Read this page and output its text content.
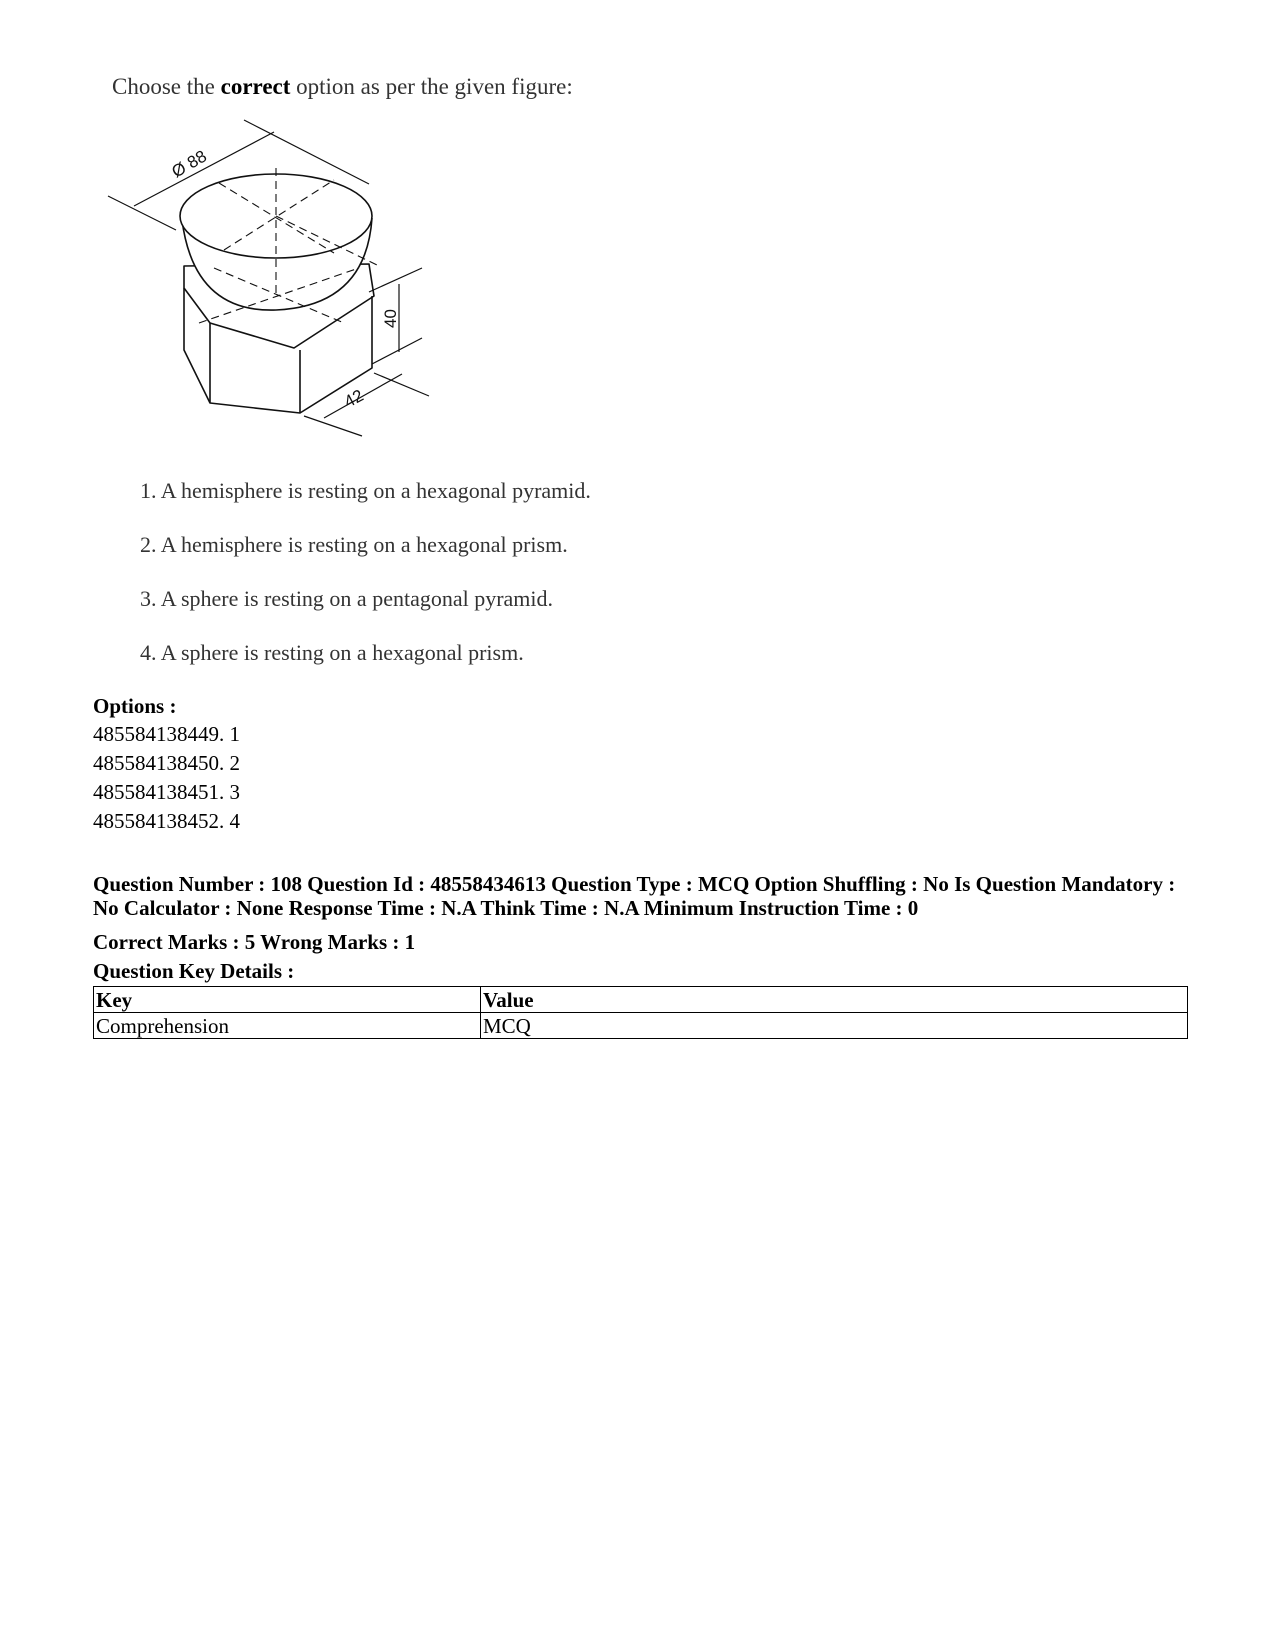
Choose the correct option as per the given figure:
Ø 88
40
42
1. A hemisphere is resting on a hexagonal pyramid.
2. A hemisphere is resting on a hexagonal prism.
3. A sphere is resting on a pentagonal pyramid.
4. A sphere is resting on a hexagonal prism.
Options :
485584138449. 1
485584138450. 2
485584138451. 3
485584138452. 4
Question Number : 108 Question Id : 48558434613 Question Type : MCQ Option Shuffling : No Is Question Mandatory : No Calculator : None Response Time : N.A Think Time : N.A Minimum Instruction Time : 0
Correct Marks : 5 Wrong Marks : 1
Question Key Details :
Key	Value
Comprehension	MCQ
